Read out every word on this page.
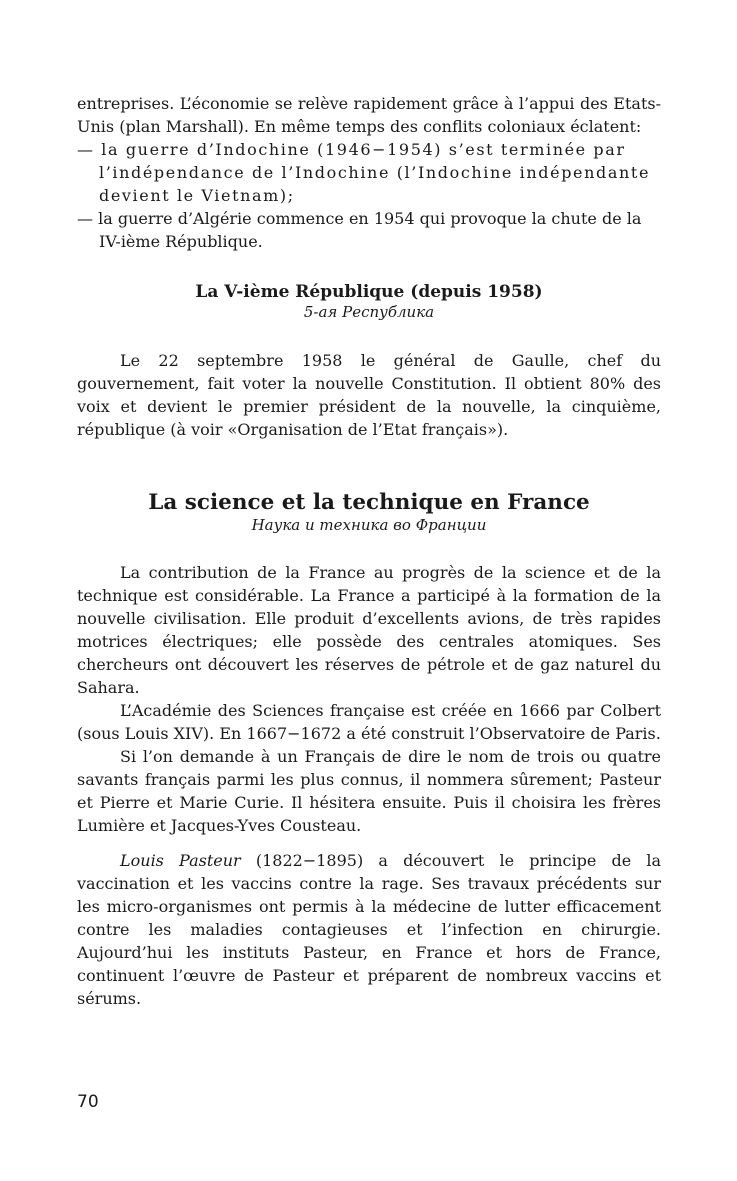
entreprises. L’économie se relève rapidement grâce à l’appui des Etats-Unis (plan Marshall). En même temps des conflits coloniaux éclatent:

— la guerre d’Indochine (1946−1954) s’est terminée par l’indépendance de l’Indochine (l’Indochine indépendante devient le Vietnam);

— la guerre d’Algérie commence en 1954 qui provoque la chute de la IV-ième République.

La V-ième République (depuis 1958)

5-ая Республика

Le 22 septembre 1958 le général de Gaulle, chef du gouvernement, fait voter la nouvelle Constitution. Il obtient 80% des voix et devient le premier président de la nouvelle, la cinquième, république (à voir «Organisation de l’Etat français»).

La science et la technique en France

Наука и техника во Франции

La contribution de la France au progrès de la science et de la technique est considérable. La France a participé à la formation de la nouvelle civilisation. Elle produit d’excellents avions, de très rapides motrices électriques; elle possède des centrales atomiques. Ses chercheurs ont découvert les réserves de pétrole et de gaz naturel du Sahara.

L’Académie des Sciences française est créée en 1666 par Colbert (sous Louis XIV). En 1667−1672 a été construit l’Observatoire de Paris.

Si l’on demande à un Français de dire le nom de trois ou quatre savants français parmi les plus connus, il nommera sûrement; Pasteur et Pierre et Marie Curie. Il hésitera ensuite. Puis il choisira les frères Lumière et Jacques-Yves Cousteau.

Louis Pasteur (1822−1895) a découvert le principe de la vaccination et les vaccins contre la rage. Ses travaux précédents sur les micro-organismes ont permis à la médecine de lutter efficacement contre les maladies contagieuses et l’infection en chirurgie. Aujourd’hui les instituts Pasteur, en France et hors de France, continuent l’œuvre de Pasteur et préparent de nombreux vaccins et sérums.

70
